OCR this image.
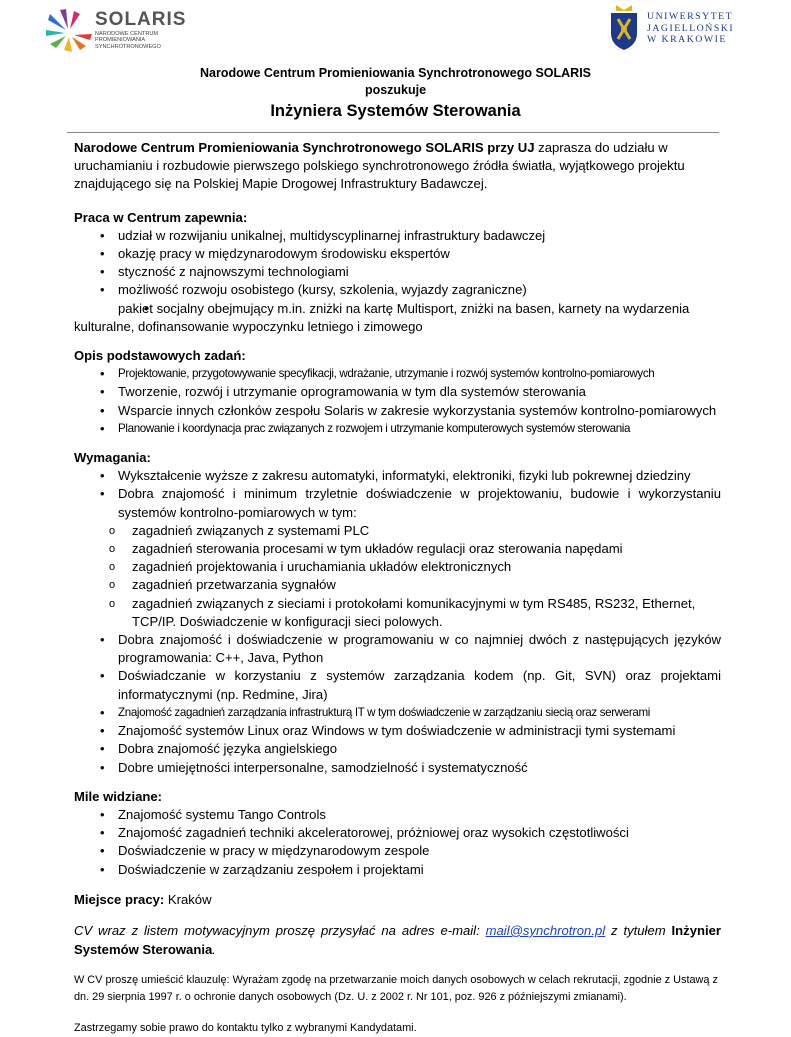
SOLARIS
NARODOWE CENTRUM
PROMIENIOWANIA
SYNCHROTRONOWEGO
UNIWERSYTET
JAGIELLOŃSKI
W KRAKOWIE
Narodowe Centrum Promieniowania Synchrotronowego SOLARIS
poszukuje
Inżyniera Systemów Sterowania

Narodowe Centrum Promieniowania Synchrotronowego SOLARIS przy UJ zaprasza do udziału w uruchamianiu i rozbudowie pierwszego polskiego synchrotronowego źródła światła, wyjątkowego projektu znajdującego się na Polskiej Mapie Drogowej Infrastruktury Badawczej.

Praca w Centrum zapewnia:
• udział w rozwijaniu unikalnej, multidyscyplinarnej infrastruktury badawczej
• okazję pracy w międzynarodowym środowisku ekspertów
• styczność z najnowszymi technologiami
• możliwość rozwoju osobistego (kursy, szkolenia, wyjazdy zagraniczne)
• pakiet socjalny obejmujący m.in. zniżki na kartę Multisport, zniżki na basen, karnety na wydarzenia kulturalne, dofinansowanie wypoczynku letniego i zimowego
Opis podstawowych zadań:
• Projektowanie, przygotowywanie specyfikacji, wdrażanie, utrzymanie i rozwój systemów kontrolno-pomiarowych
• Tworzenie, rozwój i utrzymanie oprogramowania w tym dla systemów sterowania
• Wsparcie innych członków zespołu Solaris w zakresie wykorzystania systemów kontrolno-pomiarowych
• Planowanie i koordynacja prac związanych z rozwojem i utrzymanie komputerowych systemów sterowania
Wymagania:
• Wykształcenie wyższe z zakresu automatyki, informatyki, elektroniki, fizyki lub pokrewnej dziedziny
• Dobra znajomość i minimum trzyletnie doświadczenie w projektowaniu, budowie i wykorzystaniu systemów kontrolno-pomiarowych w tym:
o zagadnień związanych z systemami PLC
o zagadnień sterowania procesami w tym układów regulacji oraz sterowania napędami
o zagadnień projektowania i uruchamiania układów elektronicznych
o zagadnień przetwarzania sygnałów
o zagadnień związanych z sieciami i protokołami komunikacyjnymi w tym RS485, RS232, Ethernet, TCP/IP. Doświadczenie w konfiguracji sieci polowych.
• Dobra znajomość i doświadczenie w programowaniu w co najmniej dwóch z następujących języków programowania: C++, Java, Python
• Doświadczanie w korzystaniu z systemów zarządzania kodem (np. Git, SVN) oraz projektami informatycznymi (np. Redmine, Jira)
• Znajomość zagadnień zarządzania infrastrukturą IT w tym doświadczenie w zarządzaniu siecią oraz serwerami
• Znajomość systemów Linux oraz Windows w tym doświadczenie w administracji tymi systemami
• Dobra znajomość języka angielskiego
• Dobre umiejętności interpersonalne, samodzielność i systematyczność
Mile widziane:
• Znajomość systemu Tango Controls
• Znajomość zagadnień techniki akceleratorowej, próżniowej oraz wysokich częstotliwości
• Doświadczenie w pracy w międzynarodowym zespole
• Doświadczenie w zarządzaniu zespołem i projektami

Miejsce pracy: Kraków

CV wraz z listem motywacyjnym proszę przysyłać na adres e-mail: mail@synchrotron.pl z tytułem Inżynier Systemów Sterowania.

W CV proszę umieścić klauzulę: Wyrażam zgodę na przetwarzanie moich danych osobowych w celach rekrutacji, zgodnie z Ustawą z dn. 29 sierpnia 1997 r. o ochronie danych osobowych (Dz. U. z 2002 r. Nr 101, poz. 926 z późniejszymi zmianami).

Zastrzegamy sobie prawo do kontaktu tylko z wybranymi Kandydatami.
